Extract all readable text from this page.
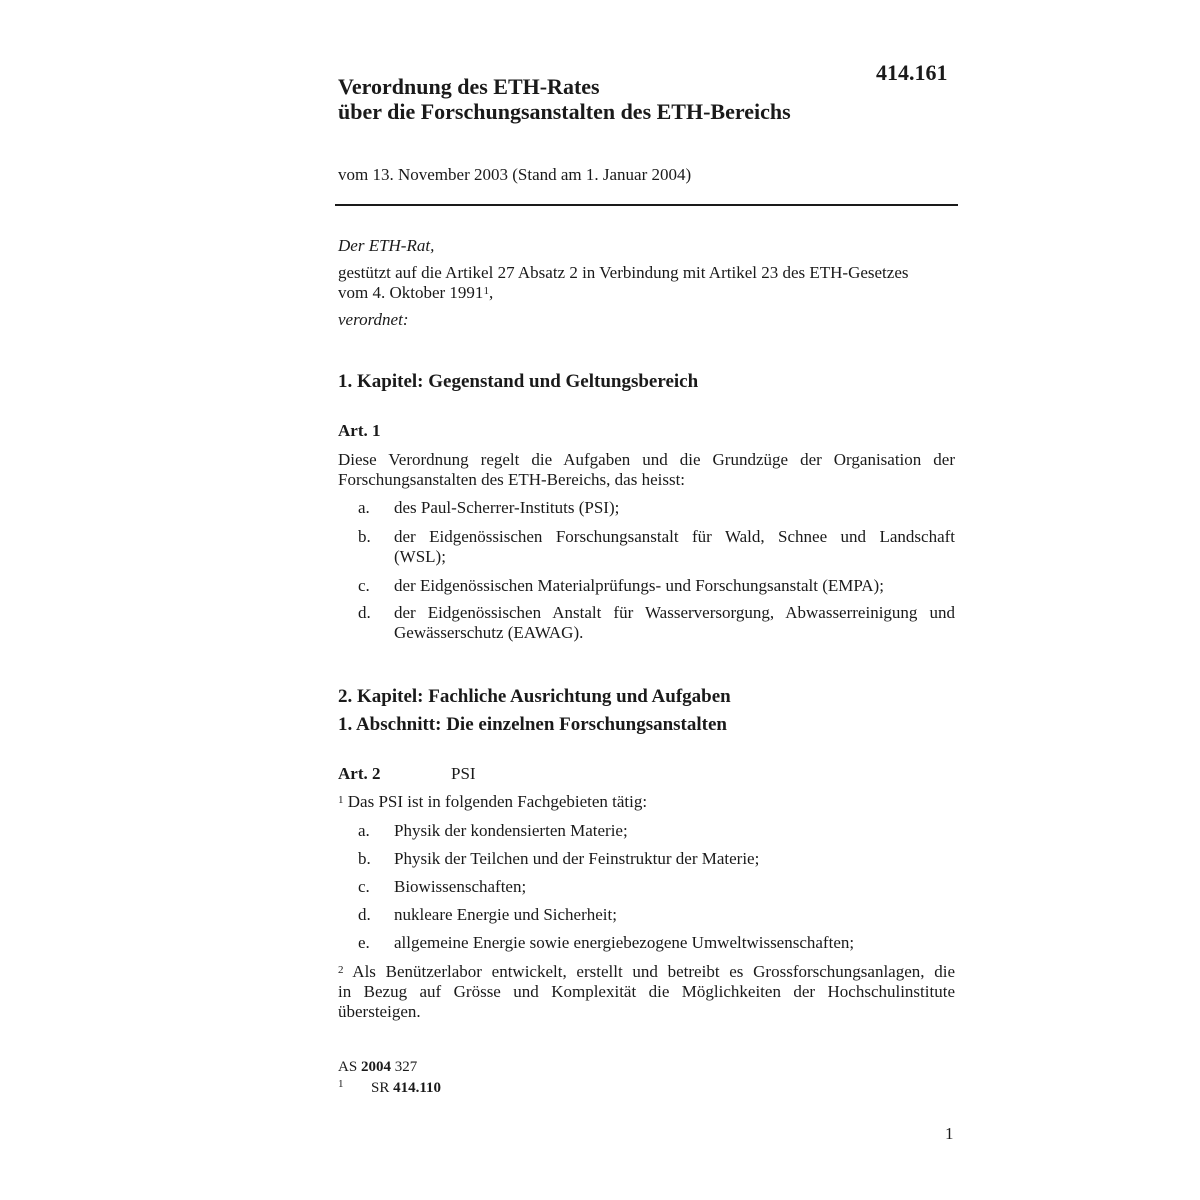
414.161
Verordnung des ETH-Rates
über die Forschungsanstalten des ETH-Bereichs
vom 13. November 2003 (Stand am 1. Januar 2004)
Der ETH-Rat,
gestützt auf die Artikel 27 Absatz 2 in Verbindung mit Artikel 23 des ETH-Gesetzes
vom 4. Oktober 1991$^1$,
verordnet:
1. Kapitel: Gegenstand und Geltungsbereich
Art. 1
Diese Verordnung regelt die Aufgaben und die Grundzüge der Organisation der
Forschungsanstalten des ETH-Bereichs, das heisst:
a. des Paul-Scherrer-Instituts (PSI);
b. der Eidgenössischen Forschungsanstalt für Wald, Schnee und Landschaft
(WSL);
c. der Eidgenössischen Materialprüfungs- und Forschungsanstalt (EMPA);
d. der Eidgenössischen Anstalt für Wasserversorgung, Abwasserreinigung und
Gewässerschutz (EAWAG).
2. Kapitel: Fachliche Ausrichtung und Aufgaben
1. Abschnitt: Die einzelnen Forschungsanstalten
Art. 2	PSI
$^1$ Das PSI ist in folgenden Fachgebieten tätig:
a. Physik der kondensierten Materie;
b. Physik der Teilchen und der Feinstruktur der Materie;
c. Biowissenschaften;
d. nukleare Energie und Sicherheit;
e. allgemeine Energie sowie energiebezogene Umweltwissenschaften;
$^2$ Als Benützerlabor entwickelt, erstellt und betreibt es Grossforschungsanlagen, die
in Bezug auf Grösse und Komplexität die Möglichkeiten der Hochschulinstitute
übersteigen.
AS 2004 327
$^1$ SR 414.110
1
